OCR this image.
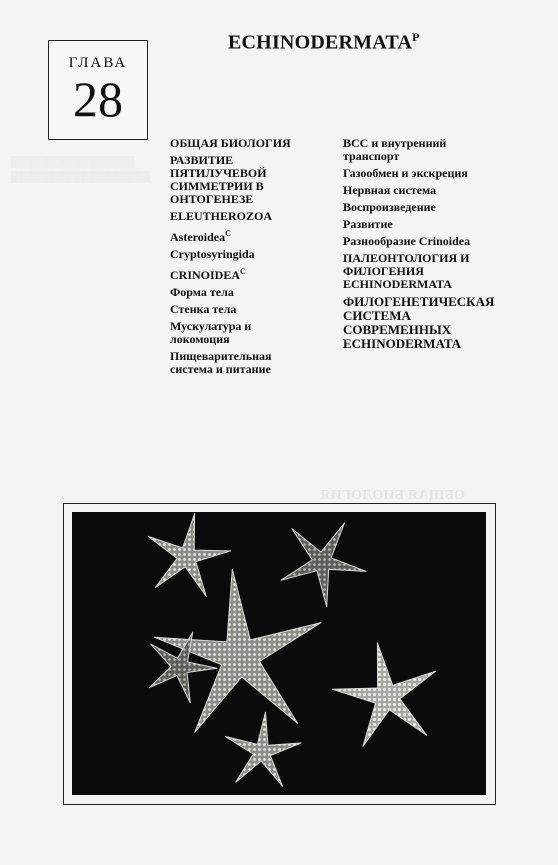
▒▒▒▒▒▒▒▒▒▒▒▒▒▒▒▒
▒▒▒▒▒▒▒▒▒▒▒▒▒▒▒▒▒▒

ОБЩАЯ БИОЛОГИЯ
ГЛАВА
28
$ECHINODERMATA^P$
ОБЩАЯ БИОЛОГИЯ
РАЗВИТИЕ ПЯТИЛУЧЕВОЙ СИММЕТРИИ В ОНТОГЕНЕЗЕ
ELEUTHEROZOA
Asteroidea$^C$
Cryptosyringida
$CRINOIDEA^C$
Форма тела
Стенка тела
Мускулатура и локомоция
Пищеварительная система и питание
ВСС и внутренний транспорт
Газообмен и экскреция
Нервная система
Воспроизведение
Развитие
Разнообразие Crinoidea
ПАЛЕОНТОЛОГИЯ И ФИЛОГЕНИЯ ECHINODERMATA
ФИЛОГЕНЕТИЧЕСКАЯ СИСТЕМА СОВРЕМЕННЫХ ECHINODERMATA
